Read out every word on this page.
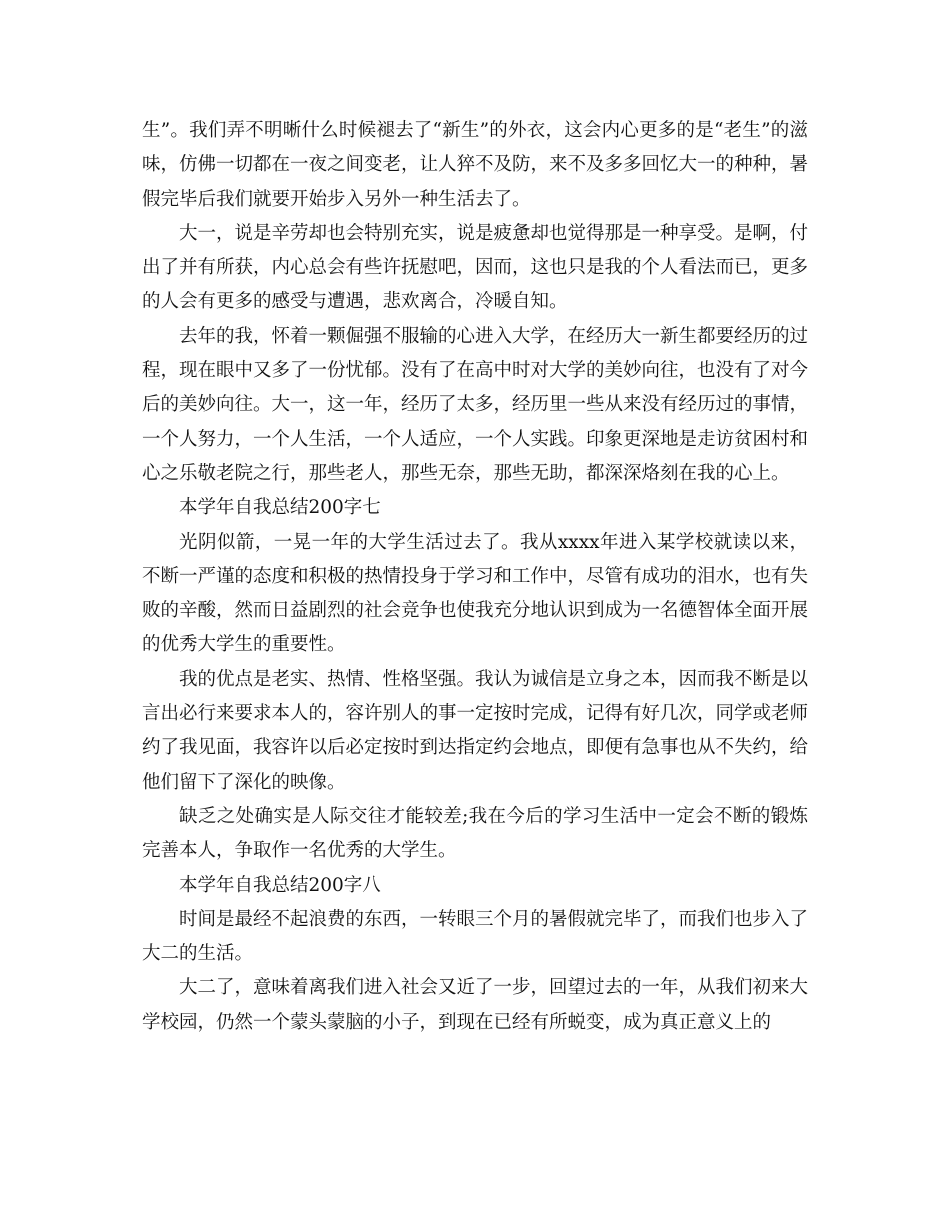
生”。我们弄不明晰什么时候褪去了“新生”的外衣，这会内心更多的是“老生”的滋味，仿佛一切都在一夜之间变老，让人猝不及防，来不及多多回忆大一的种种，暑假完毕后我们就要开始步入另外一种生活去了。

大一，说是辛劳却也会特别充实，说是疲惫却也觉得那是一种享受。是啊，付出了并有所获，内心总会有些许抚慰吧，因而，这也只是我的个人看法而已，更多的人会有更多的感受与遭遇，悲欢离合，冷暖自知。

去年的我，怀着一颗倔强不服输的心进入大学，在经历大一新生都要经历的过程，现在眼中又多了一份忧郁。没有了在高中时对大学的美妙向往，也没有了对今后的美妙向往。大一，这一年，经历了太多，经历里一些从来没有经历过的事情，一个人努力，一个人生活，一个人适应，一个人实践。印象更深地是走访贫困村和心之乐敬老院之行，那些老人，那些无奈，那些无助，都深深烙刻在我的心上。

本学年自我总结200字七

光阴似箭，一晃一年的大学生活过去了。我从xxxx年进入某学校就读以来，不断一严谨的态度和积极的热情投身于学习和工作中，尽管有成功的泪水，也有失败的辛酸，然而日益剧烈的社会竞争也使我充分地认识到成为一名德智体全面开展的优秀大学生的重要性。

我的优点是老实、热情、性格坚强。我认为诚信是立身之本，因而我不断是以言出必行来要求本人的，容许别人的事一定按时完成，记得有好几次，同学或老师约了我见面，我容许以后必定按时到达指定约会地点，即便有急事也从不失约，给他们留下了深化的映像。

缺乏之处确实是人际交往才能较差;我在今后的学习生活中一定会不断的锻炼完善本人，争取作一名优秀的大学生。

本学年自我总结200字八

时间是最经不起浪费的东西，一转眼三个月的暑假就完毕了，而我们也步入了大二的生活。

大二了，意味着离我们进入社会又近了一步，回望过去的一年，从我们初来大学校园，仍然一个蒙头蒙脑的小子，到现在已经有所蜕变，成为真正意义上的
